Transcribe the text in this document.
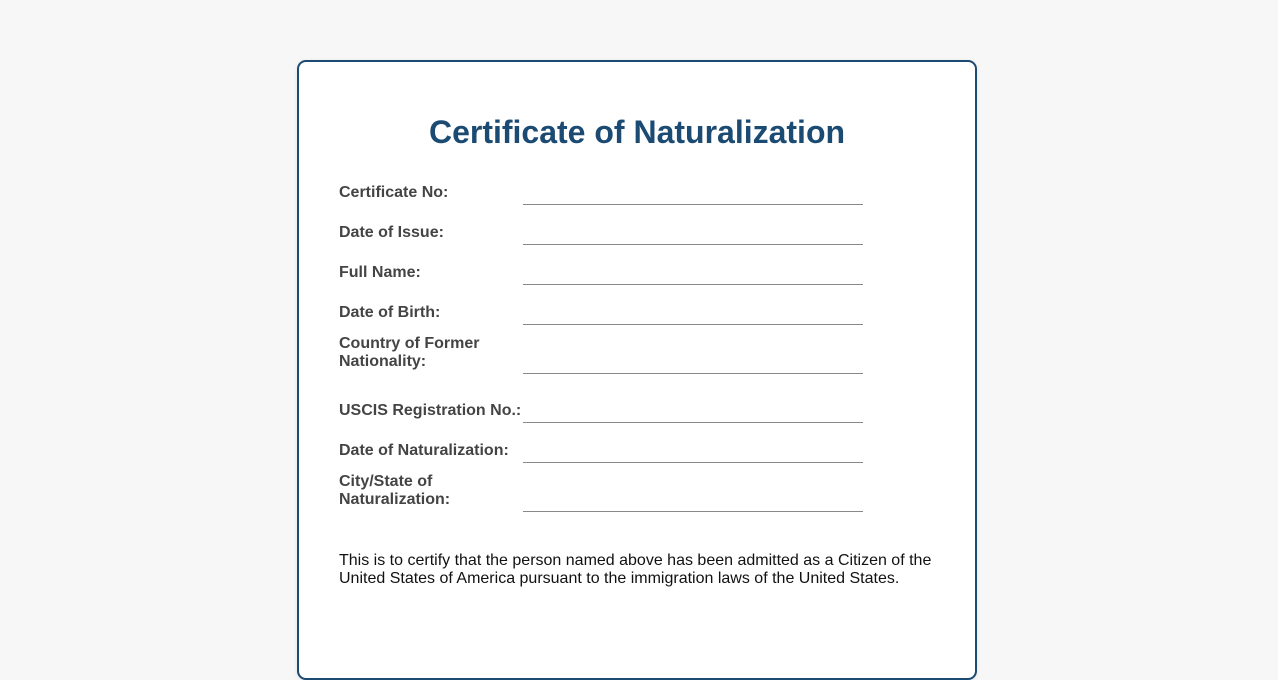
Certificate of Naturalization
Certificate No:
Date of Issue:
Full Name:
Date of Birth:
Country of Former Nationality:
USCIS Registration No.:
Date of Naturalization:
City/State of Naturalization:

This is to certify that the person named above has been admitted as a Citizen of the United States of America pursuant to the immigration laws of the United States.
